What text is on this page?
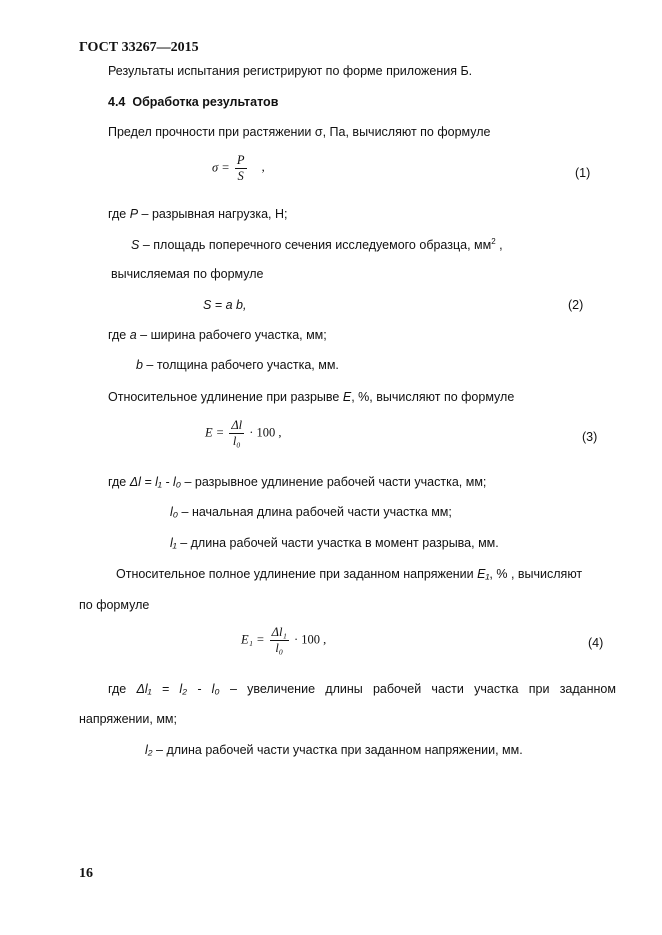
ГОСТ 33267—2015
Результаты испытания регистрируют по форме приложения Б.
4.4 Обработка результатов
Предел прочности при растяжении σ, Па, вычисляют по формуле
$\sigma = \frac{P}{S}$ ,	(1)
где P – разрывная нагрузка, Н;
S – площадь поперечного сечения исследуемого образца, $мм^2$ ,
вычисляемая по формуле
S = a b,	(2)
где a – ширина рабочего участка, мм;
b – толщина рабочего участка, мм.
Относительное удлинение при разрыве E, %, вычисляют по формуле
$E = \frac{\Delta l}{\text{l₀}} \cdot 100$ ,	(3)
где Δl = l₁ - l₀ – разрывное удлинение рабочей части участка, мм;
l₀ – начальная длина рабочей части участка мм;
l₁ – длина рабочей части участка в момент разрыва, мм.
Относительное полное удлинение при заданном напряжении E₁, % , вычисляют
по формуле
$E_1 = \frac{\text{Δl₁}}{\text{l₀}} \cdot 100$ ,	(4)
где Δl₁ = l₂ - l₀ – увеличение длины рабочей части участка при заданном
напряжении, мм;
l₂ – длина рабочей части участка при заданном напряжении, мм.
16
